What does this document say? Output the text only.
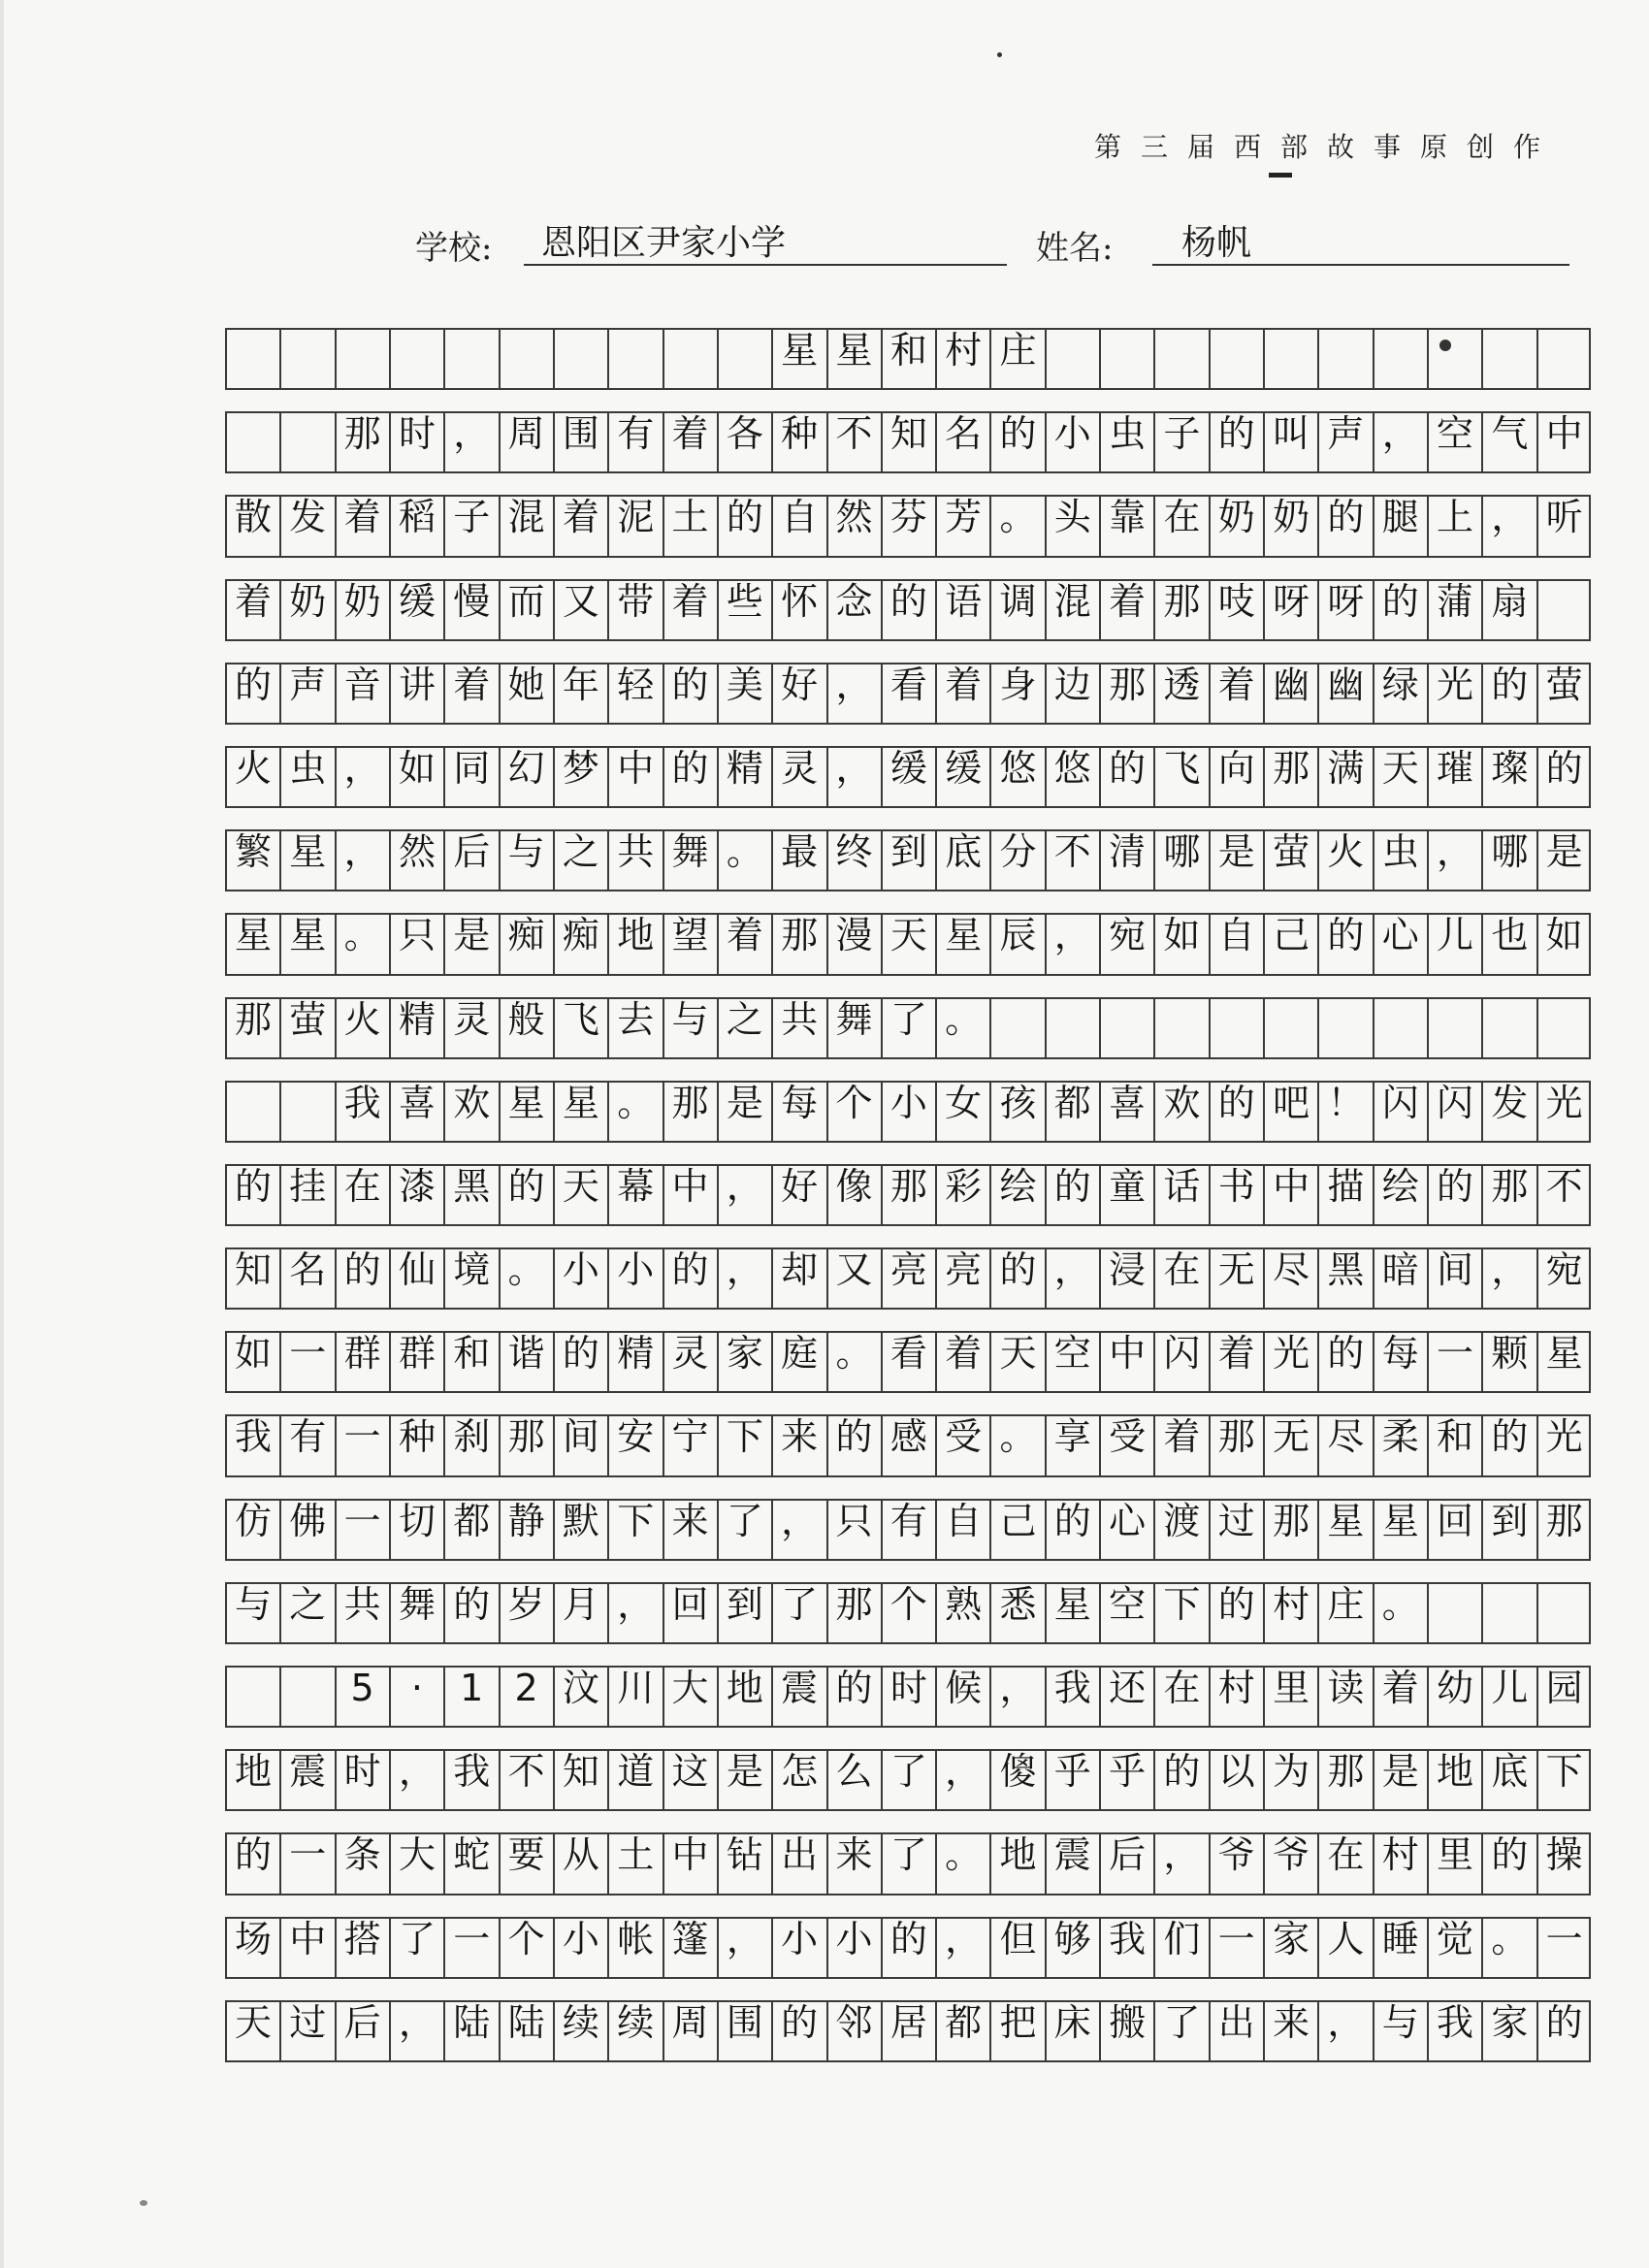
第三届西部故事原创作
学校: 恩阳区尹家小学	姓名: 杨帆
星 星 和 村 庄
那 时 ， 周 围 有 着 各 种 不 知 名 的 小 虫 子 的 叫 声 ， 空 气 中
散 发 着 稻 子 混 着 泥 土 的 自 然 芬 芳 。 头 靠 在 奶 奶 的 腿 上 ， 听
着 奶 奶 缓 慢 而 又 带 着 些 怀 念 的 语 调 混 着 那 吱 呀 呀 的 蒲 扇
的 声 音 讲 着 她 年 轻 的 美 好 ， 看 着 身 边 那 透 着 幽 幽 绿 光 的 萤
火 虫 ， 如 同 幻 梦 中 的 精 灵 ， 缓 缓 悠 悠 的 飞 向 那 满 天 璀 璨 的
繁 星 ， 然 后 与 之 共 舞 。 最 终 到 底 分 不 清 哪 是 萤 火 虫 ， 哪 是
星 星 。 只 是 痴 痴 地 望 着 那 漫 天 星 辰 ， 宛 如 自 己 的 心 儿 也 如
那 萤 火 精 灵 般 飞 去 与 之 共 舞 了 。
我 喜 欢 星 星 。 那 是 每 个 小 女 孩 都 喜 欢 的 吧 ！ 闪 闪 发 光
的 挂 在 漆 黑 的 天 幕 中 ， 好 像 那 彩 绘 的 童 话 书 中 描 绘 的 那 不
知 名 的 仙 境 。 小 小 的 ， 却 又 亮 亮 的 ， 浸 在 无 尽 黑 暗 间 ， 宛
如 一 群 群 和 谐 的 精 灵 家 庭 。 看 着 天 空 中 闪 着 光 的 每 一 颗 星
我 有 一 种 刹 那 间 安 宁 下 来 的 感 受 。 享 受 着 那 无 尽 柔 和 的 光
仿 佛 一 切 都 静 默 下 来 了 ， 只 有 自 己 的 心 渡 过 那 星 星 回 到 那
与 之 共 舞 的 岁 月 ， 回 到 了 那 个 熟 悉 星 空 下 的 村 庄 。
5	·	1 2 汶 川 大 地 震 的 时 候 ， 我 还 在 村 里 读 着 幼 儿 园
地 震 时 ， 我 不 知 道 这 是 怎 么 了 ， 傻 乎 乎 的 以 为 那 是 地 底 下
的 一 条 大 蛇 要 从 土 中 钻 出 来 了 。 地 震 后 ， 爷 爷 在 村 里 的 操
场 中 搭 了 一 个 小 帐 篷 ， 小 小 的 ， 但 够 我 们 一 家 人 睡 觉 。 一
天 过 后 ， 陆 陆 续 续 周 围 的 邻 居 都 把 床 搬 了 出 来 ， 与 我 家 的
